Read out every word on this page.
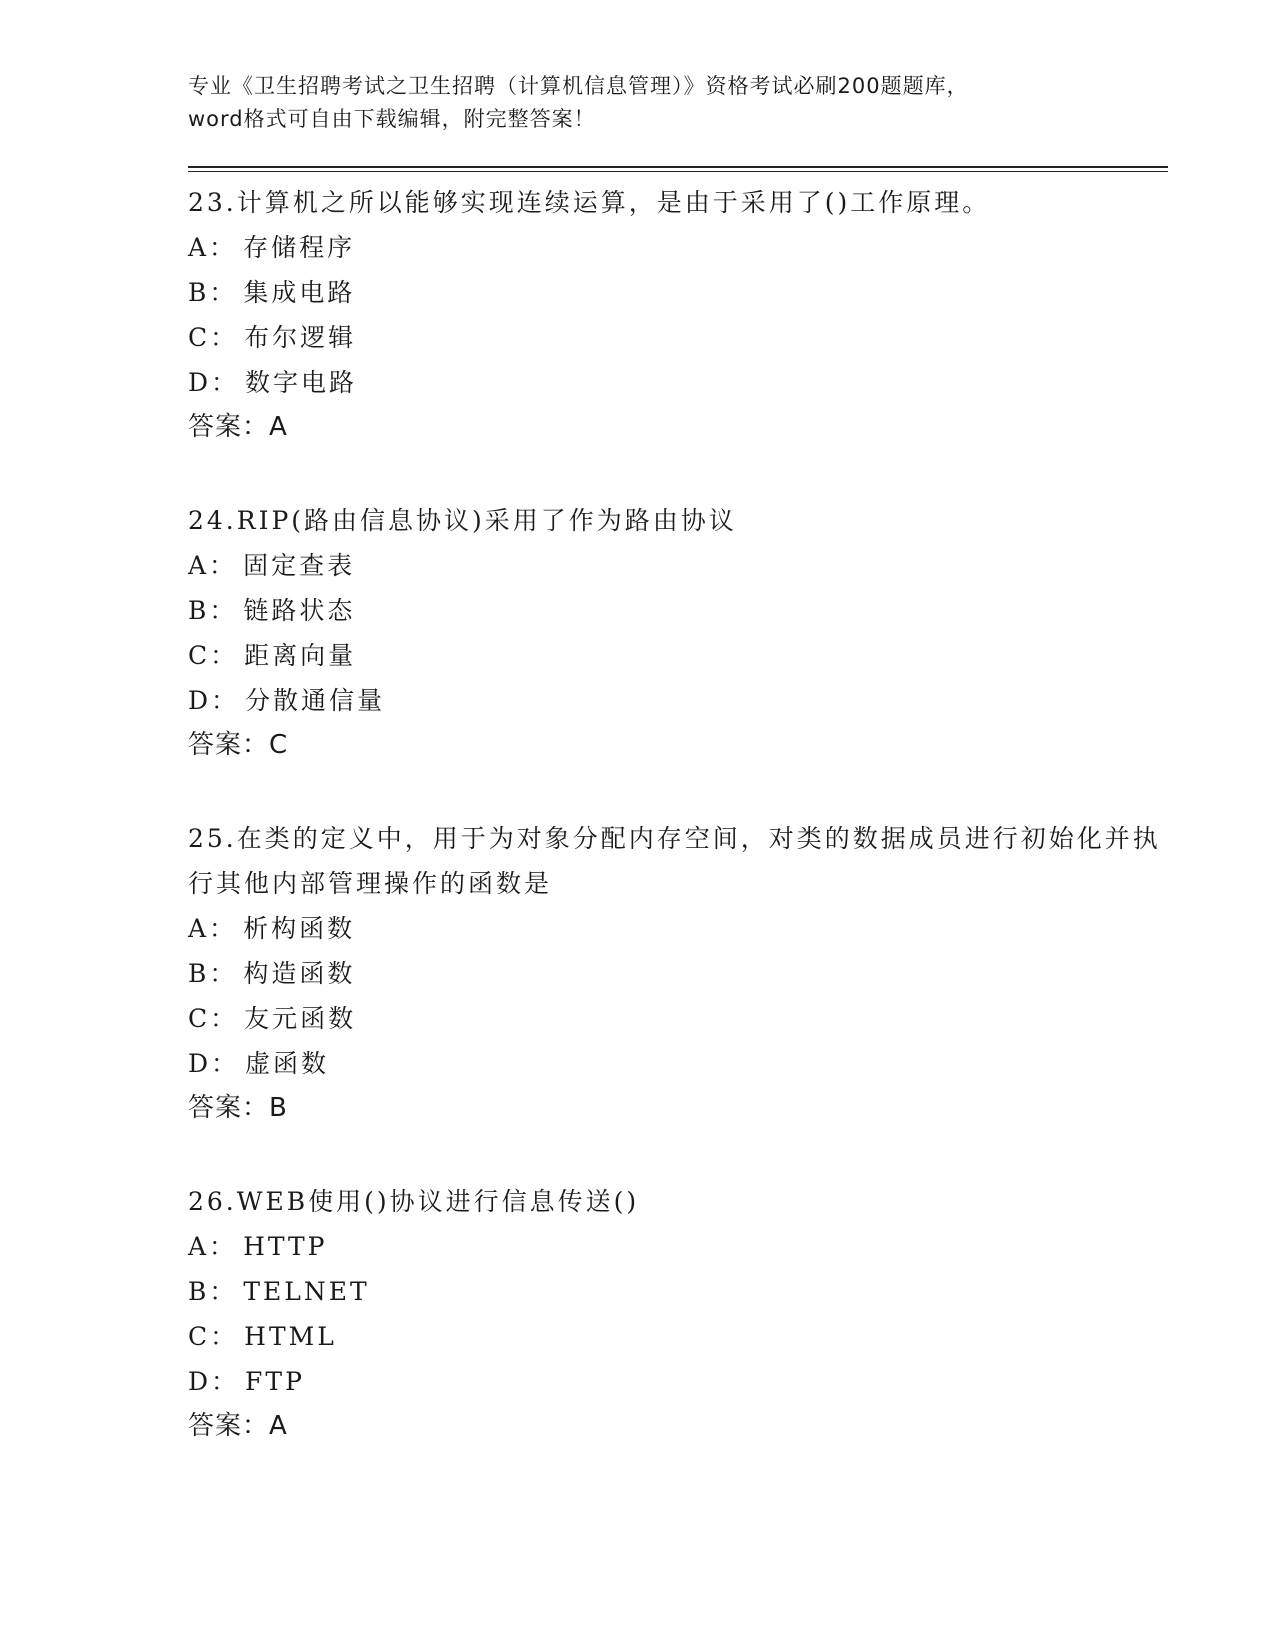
专业《卫生招聘考试之卫生招聘（计算机信息管理）》资格考试必刷200题题库，
word格式可自由下载编辑，附完整答案！

23.计算机之所以能够实现连续运算，是由于采用了()工作原理。

A： 存储程序
B： 集成电路
C： 布尔逻辑
D： 数字电路
答案：A

24.RIP(路由信息协议)采用了作为路由协议

A： 固定查表
B： 链路状态
C： 距离向量
D： 分散通信量
答案：C

25.在类的定义中，用于为对象分配内存空间，对类的数据成员进行初始化并执行其他内部管理操作的函数是

A： 析构函数
B： 构造函数
C： 友元函数
D： 虚函数
答案：B

26.WEB使用()协议进行信息传送()

A： HTTP
B： TELNET
C： HTML
D： FTP
答案：A
